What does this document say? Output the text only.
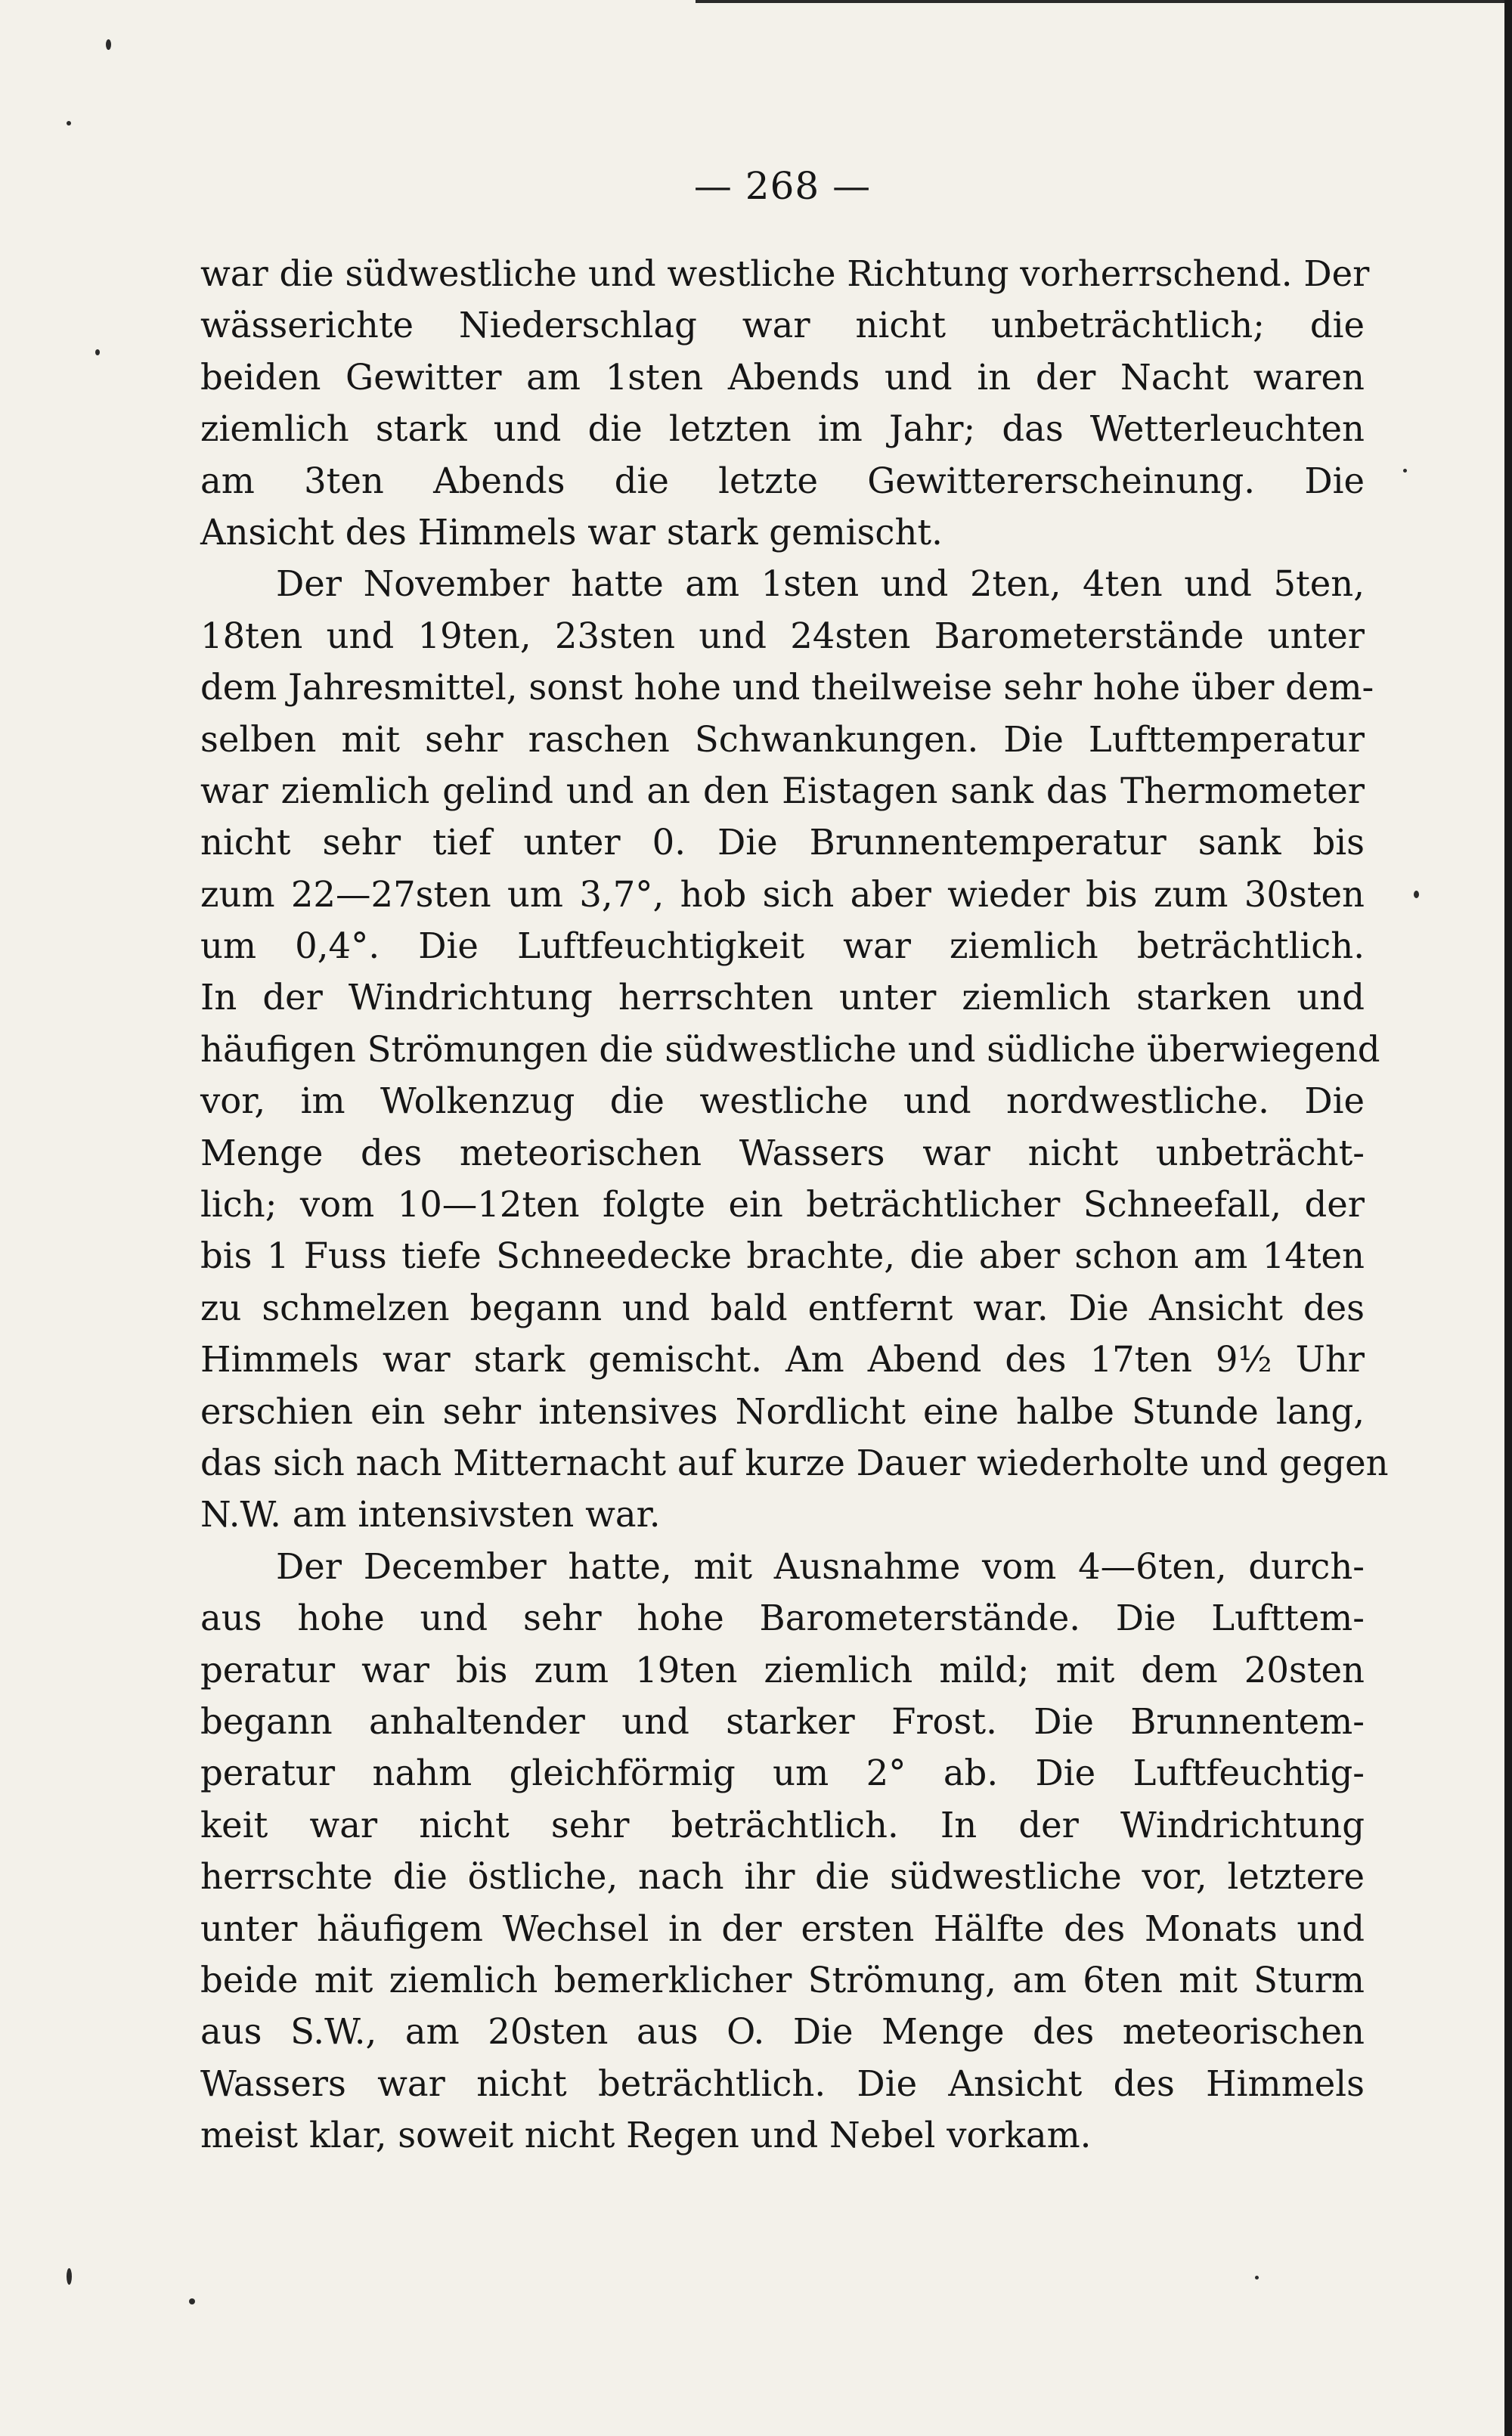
— 268 —
war die südwestliche und westliche Richtung vorherrschend. Der
wässerichte Niederschlag war nicht unbeträchtlich; die
beiden Gewitter am 1sten Abends und in der Nacht waren
ziemlich stark und die letzten im Jahr; das Wetterleuchten
am 3ten Abends die letzte Gewittererscheinung. Die
Ansicht des Himmels war stark gemischt.
Der November hatte am 1sten und 2ten, 4ten und 5ten,
18ten und 19ten, 23sten und 24sten Barometerstände unter
dem Jahresmittel, sonst hohe und theilweise sehr hohe über dem-
selben mit sehr raschen Schwankungen. Die Lufttemperatur
war ziemlich gelind und an den Eistagen sank das Thermometer
nicht sehr tief unter 0. Die Brunnentemperatur sank bis
zum 22—27sten um 3,7°, hob sich aber wieder bis zum 30sten
um 0,4°. Die Luftfeuchtigkeit war ziemlich beträchtlich.
In der Windrichtung herrschten unter ziemlich starken und
häufigen Strömungen die südwestliche und südliche überwiegend
vor, im Wolkenzug die westliche und nordwestliche. Die
Menge des meteorischen Wassers war nicht unbeträcht-
lich; vom 10—12ten folgte ein beträchtlicher Schneefall, der
bis 1 Fuss tiefe Schneedecke brachte, die aber schon am 14ten
zu schmelzen begann und bald entfernt war. Die Ansicht des
Himmels war stark gemischt. Am Abend des 17ten 9½ Uhr
erschien ein sehr intensives Nordlicht eine halbe Stunde lang,
das sich nach Mitternacht auf kurze Dauer wiederholte und gegen
N.W. am intensivsten war.
Der December hatte, mit Ausnahme vom 4—6ten, durch-
aus hohe und sehr hohe Barometerstände. Die Lufttem-
peratur war bis zum 19ten ziemlich mild; mit dem 20sten
begann anhaltender und starker Frost. Die Brunnentem-
peratur nahm gleichförmig um 2° ab. Die Luftfeuchtig-
keit war nicht sehr beträchtlich. In der Windrichtung
herrschte die östliche, nach ihr die südwestliche vor, letztere
unter häufigem Wechsel in der ersten Hälfte des Monats und
beide mit ziemlich bemerklicher Strömung, am 6ten mit Sturm
aus S.W., am 20sten aus O. Die Menge des meteorischen
Wassers war nicht beträchtlich. Die Ansicht des Himmels
meist klar, soweit nicht Regen und Nebel vorkam.
